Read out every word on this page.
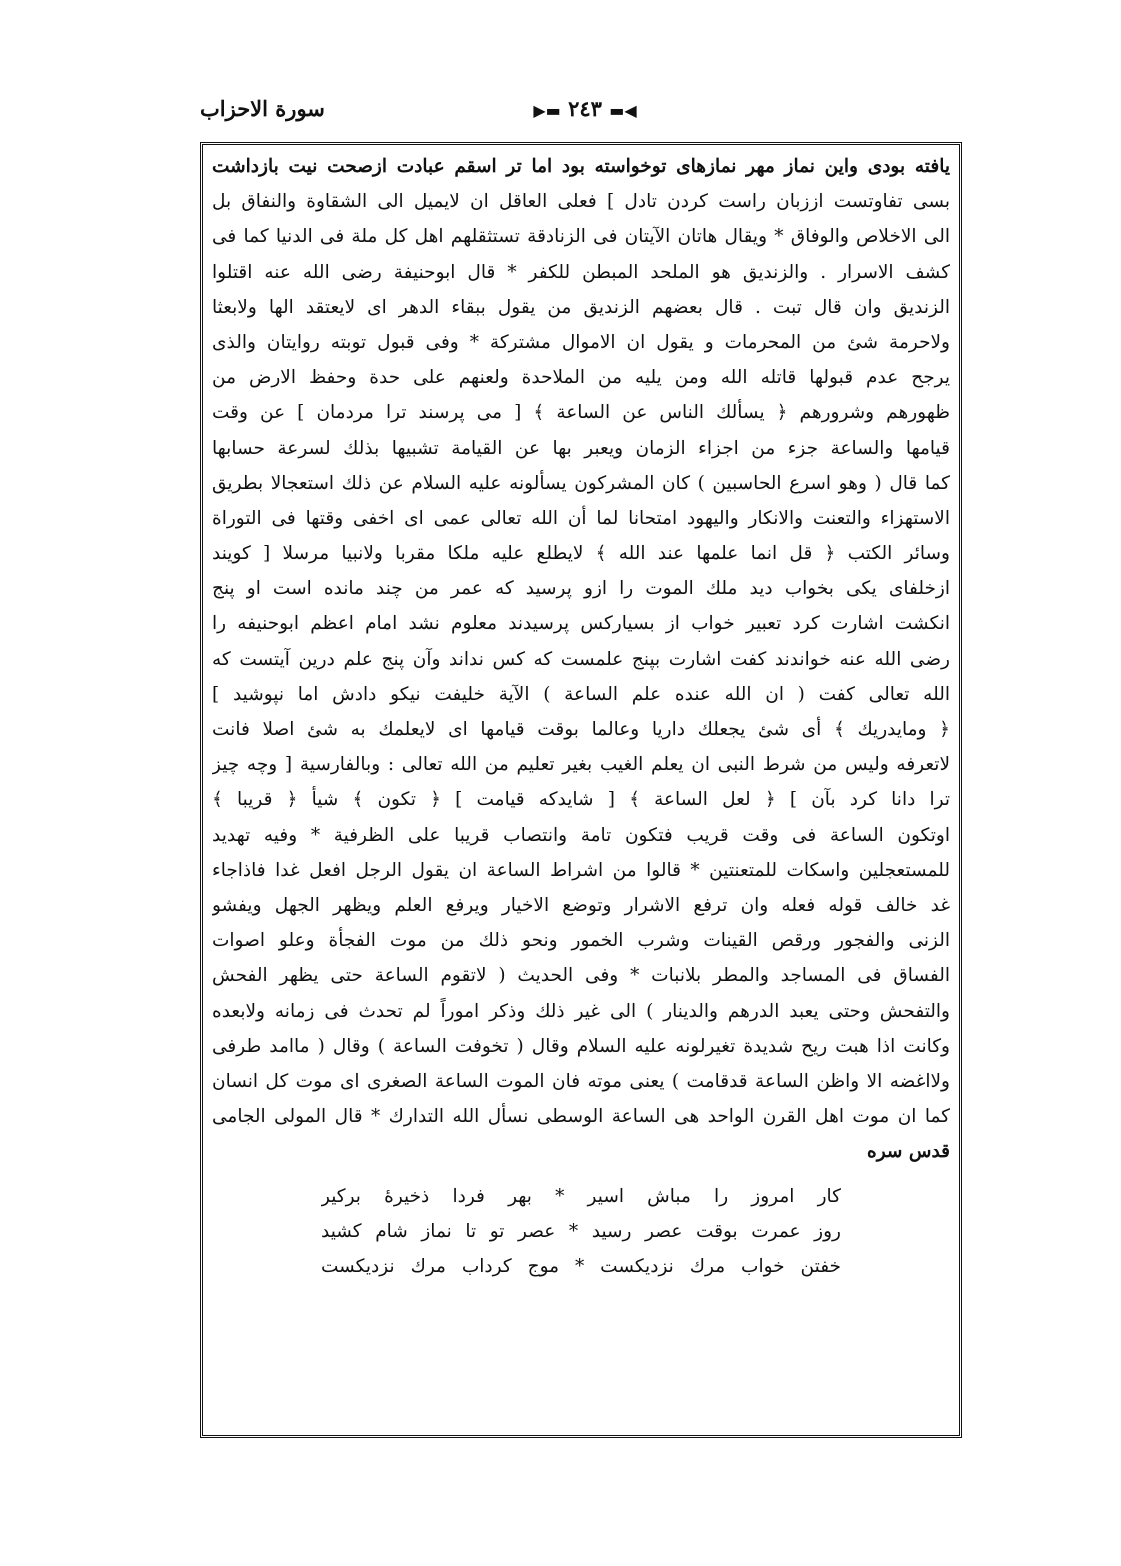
سورة الاحزاب	◀▬ ٢٤٣ ▬▶
يافته بودی واين نماز مهر نمازهای توخواسته بود اما تر اسقم عبادت ازصحت نيت بازداشت
بسى تفاوتست اززبان راست كردن تادل ] فعلى العاقل ان لايميل الى الشقاوة والنفاق بل
الى الاخلاص والوفاق * ويقال هاتان الآيتان فى الزنادقة تستثقلهم اهل كل ملة فى الدنيا كما فى
كشف الاسرار . والزنديق هو الملحد المبطن للكفر * قال ابوحنيفة رضى الله عنه اقتلوا
الزنديق وان قال تبت . قال بعضهم الزنديق من يقول ببقاء الدهر اى لايعتقد الها ولابعثا
ولاحرمة شئ من المحرمات و يقول ان الاموال مشتركة * وفى قبول توبته روايتان والذى
يرجح عدم قبولها قاتله الله ومن يليه من الملاحدة ولعنهم على حدة وحفظ الارض من
ظهورهم وشرورهم ﴿ يسألك الناس عن الساعة ﴾ [ مى پرسند ترا مردمان ] عن وقت
قيامها والساعة جزء من اجزاء الزمان ويعبر بها عن القيامة تشبيها بذلك لسرعة حسابها
كما قال ( وهو اسرع الحاسبين ) كان المشركون يسألونه عليه السلام عن ذلك استعجالا بطريق
الاستهزاء والتعنت والانكار واليهود امتحانا لما أن الله تعالى عمى اى اخفى وقتها فى التوراة
وسائر الكتب ﴿ قل انما علمها عند الله ﴾ لايطلع عليه ملكا مقربا ولانبيا مرسلا [ كويند
ازخلفاى يكى بخواب ديد ملك الموت را ازو پرسيد كه عمر من چند مانده است او پنج
انكشت اشارت كرد تعبير خواب از بسياركس پرسيدند معلوم نشد امام اعظم ابوحنيفه را
رضى الله عنه خواندند كفت اشارت بپنج علمست كه كس نداند وآن پنج علم درين آيتست كه
الله تعالى كفت ( ان الله عنده علم الساعة ) الآية خليفت نيكو دادش اما نپوشيد ]
﴿ ومايدريك ﴾ أى شئ يجعلك داريا وعالما بوقت قيامها اى لايعلمك به شئ اصلا فانت
لاتعرفه وليس من شرط النبى ان يعلم الغيب بغير تعليم من الله تعالى : وبالفارسية [ وچه چيز
ترا دانا كرد بآن ] ﴿ لعل الساعة ﴾ [ شايدكه قيامت ] ﴿ تكون ﴾ شيأ ﴿ قريبا ﴾
اوتكون الساعة فى وقت قريب فتكون تامة وانتصاب قريبا على الظرفية * وفيه تهديد
للمستعجلين واسكات للمتعنتين * قالوا من اشراط الساعة ان يقول الرجل افعل غدا فاذاجاء
غد خالف قوله فعله وان ترفع الاشرار وتوضع الاخيار ويرفع العلم ويظهر الجهل ويفشو
الزنى والفجور ورقص القينات وشرب الخمور ونحو ذلك من موت الفجأة وعلو اصوات
الفساق فى المساجد والمطر بلانبات * وفى الحديث ( لاتقوم الساعة حتى يظهر الفحش
والتفحش وحتى يعبد الدرهم والدينار ) الى غير ذلك وذكر اموراً لم تحدث فى زمانه ولابعده
وكانت اذا هبت ريح شديدة تغيرلونه عليه السلام وقال ( تخوفت الساعة ) وقال ( ماامد طرفى
ولااغضه الا واظن الساعة قدقامت ) يعنى موته فان الموت الساعة الصغرى اى موت كل انسان
كما ان موت اهل القرن الواحد هى الساعة الوسطى نسأل الله التدارك * قال المولى الجامى
قدس سره
كار امروز را مباش اسير * بهر فردا ذخيرهٔ بركير
روز عمرت بوقت عصر رسيد * عصر تو تا نماز شام كشيد
خفتن خواب مرك نزديكست * موج كرداب مرك نزديكست
